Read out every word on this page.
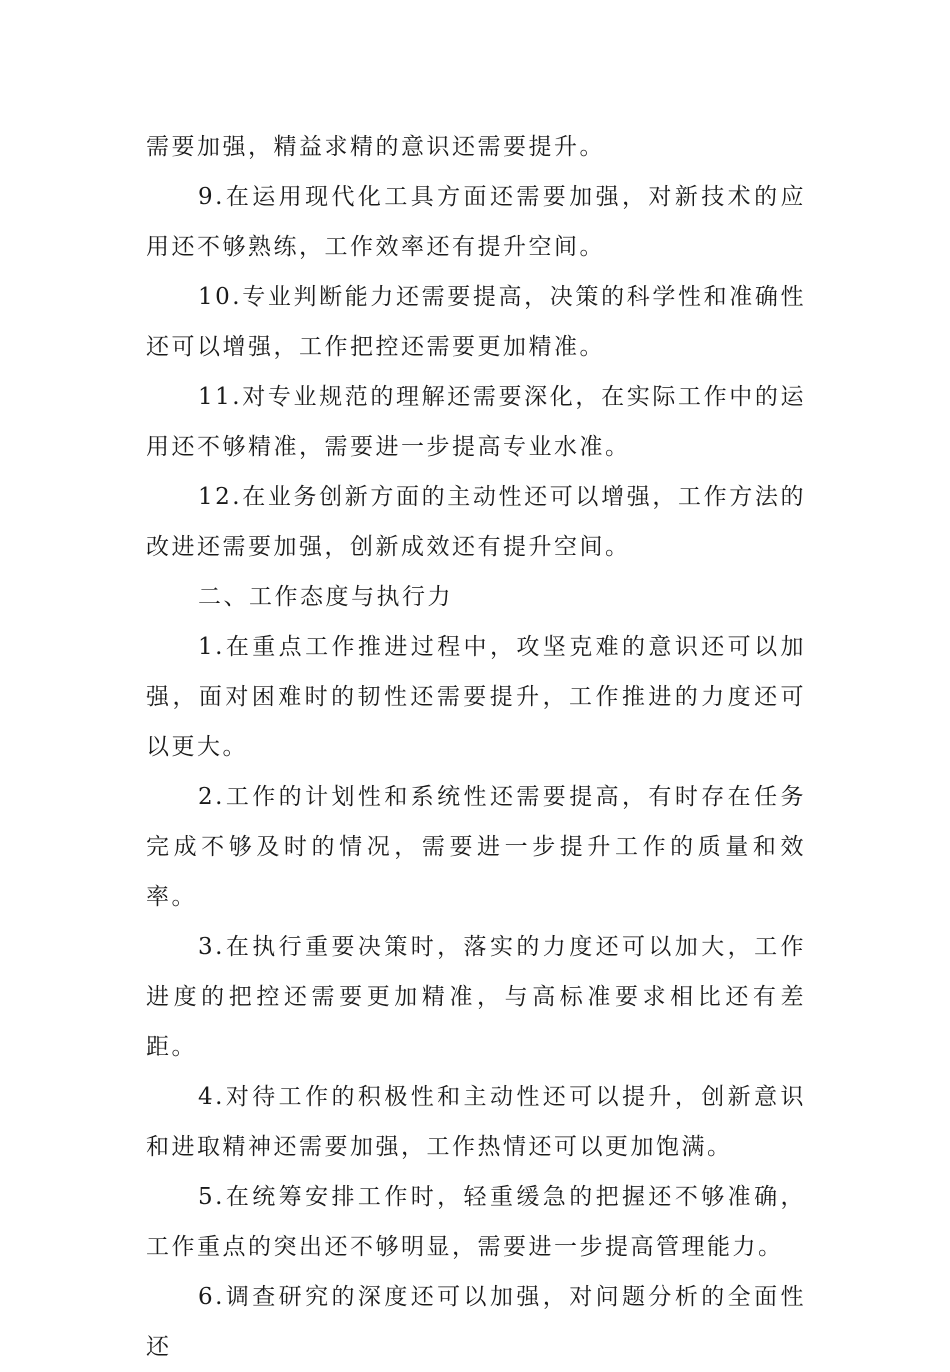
需要加强，精益求精的意识还需要提升。

9.在运用现代化工具方面还需要加强，对新技术的应用还不够熟练，工作效率还有提升空间。

10.专业判断能力还需要提高，决策的科学性和准确性还可以增强，工作把控还需要更加精准。

11.对专业规范的理解还需要深化，在实际工作中的运用还不够精准，需要进一步提高专业水准。

12.在业务创新方面的主动性还可以增强，工作方法的改进还需要加强，创新成效还有提升空间。

二、工作态度与执行力

1.在重点工作推进过程中，攻坚克难的意识还可以加强，面对困难时的韧性还需要提升，工作推进的力度还可以更大。

2.工作的计划性和系统性还需要提高，有时存在任务完成不够及时的情况，需要进一步提升工作的质量和效率。

3.在执行重要决策时，落实的力度还可以加大，工作进度的把控还需要更加精准，与高标准要求相比还有差距。

4.对待工作的积极性和主动性还可以提升，创新意识和进取精神还需要加强，工作热情还可以更加饱满。

5.在统筹安排工作时，轻重缓急的把握还不够准确，工作重点的突出还不够明显，需要进一步提高管理能力。

6.调查研究的深度还可以加强，对问题分析的全面性还
